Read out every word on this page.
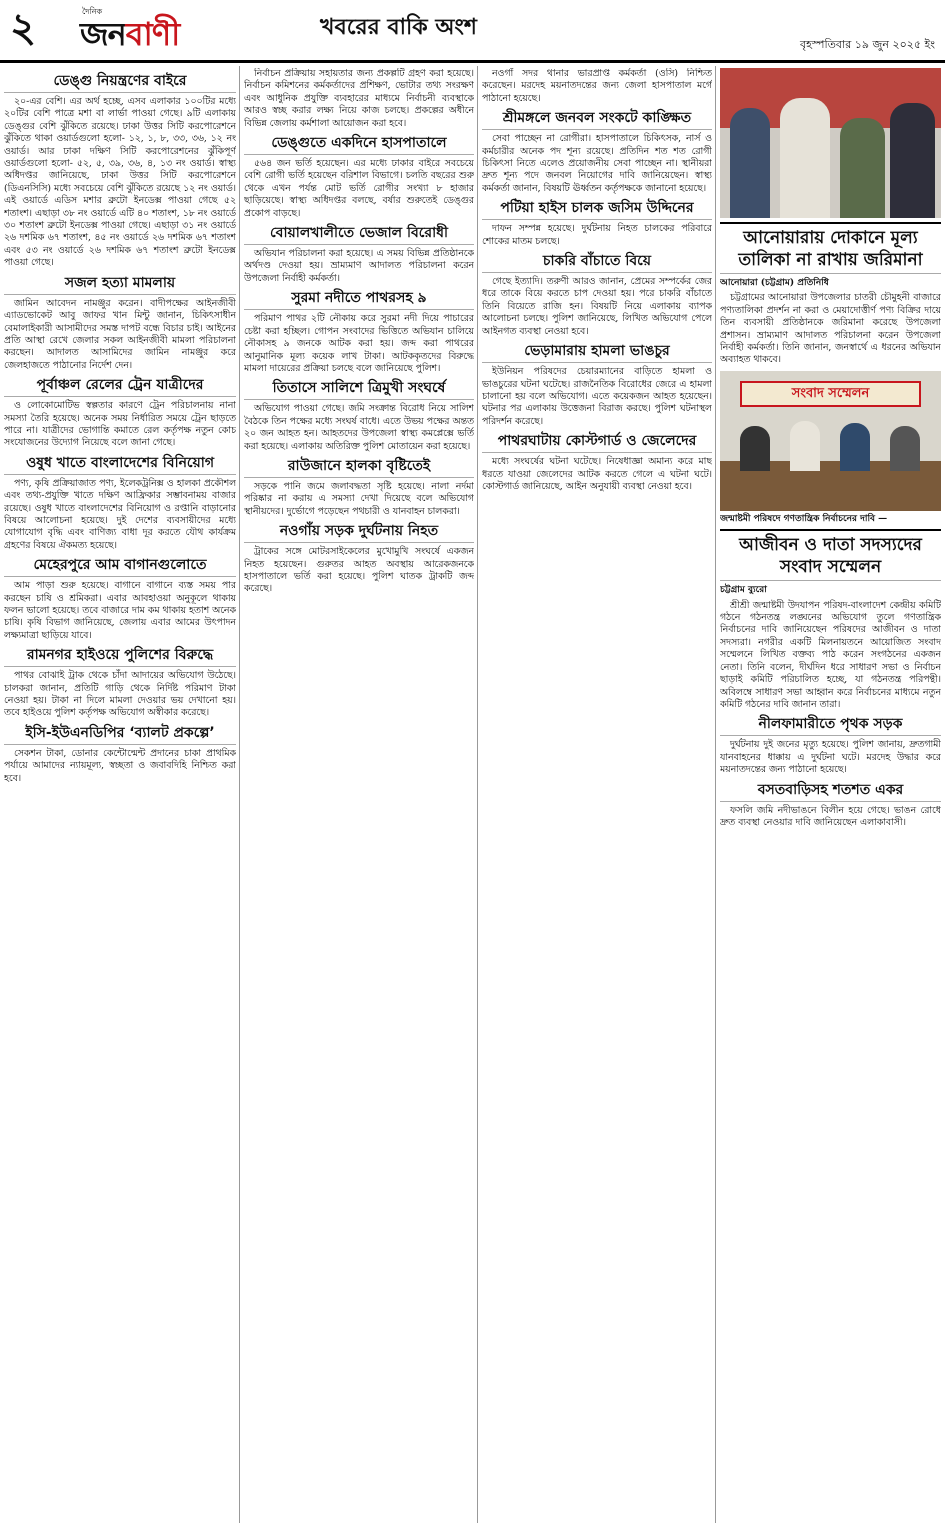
২	দৈনিক
জনবাণী	খবরের বাকি অংশ
বৃহস্পতিবার ১৯ জুন ২০২৫ ইং
ডেঙ্গু নিয়ন্ত্রণের বাইরে

২০-এর বেশি। এর অর্থ হচ্ছে, এসব এলাকার ১০০টির মধ্যে ২০টির বেশি পাত্রে মশা বা লার্ভা পাওয়া গেছে। ৯টি এলাকায় ডেঙ্গুর বেশি ঝুঁকিতে রয়েছে। ঢাকা উত্তর সিটি করপোরেশনে ঝুঁকিতে থাকা ওয়ার্ডগুলো হলো- ১২, ১, ৮, ৩৩, ৩৬, ১২ নং ওয়ার্ড। আর ঢাকা দক্ষিণ সিটি করপোরেশনের ঝুঁকিপূর্ণ ওয়ার্ডগুলো হলো- ৫২, ৫, ৩৯, ৩৬, ৪, ১৩ নং ওয়ার্ড। স্বাস্থ্য অধিদপ্তর জানিয়েছে, ঢাকা উত্তর সিটি করপোরেশনে (ডিএনসিসি) মধ্যে সবচেয়ে বেশি ঝুঁকিতে রয়েছে ১২ নং ওয়ার্ড। এই ওয়ার্ডে এডিস মশার ব্রুটো ইনডেক্স পাওয়া গেছে ৫২ শতাংশ। এছাড়া ৩৮ নং ওয়ার্ডে এটি ৪০ শতাংশ, ১৮ নং ওয়ার্ডে ৩০ শতাংশ ব্রুটো ইনডেক্স পাওয়া গেছে। এছাড়া ৩১ নং ওয়ার্ডে ২৬ দশমিক ৬৭ শতাংশ, ৪৫ নং ওয়ার্ডে ২৬ দশমিক ৬৭ শতাংশ এবং ৫৩ নং ওয়ার্ডে ২৬ দশমিক ৬৭ শতাংশ ব্রুটো ইনডেক্স পাওয়া গেছে।

সজল হত্যা মামলায়

জামিন আবেদন নামঞ্জুর করেন। বাদীপক্ষের আইনজীবী এ্যাডভোকেট আবু জাফর খান মিন্টু জানান, চিকিৎসাধীন বেমালাইকারী আসামীদের সমস্ত দাপট বন্ধে বিচার চাই। আইনের প্রতি আস্থা রেখে জেলার সকল আইনজীবী মামলা পরিচালনা করছেন। আদালত আসামিদের জামিন নামঞ্জুর করে জেলহাজতে পাঠানোর নির্দেশ দেন।

পূর্বাঞ্চল রেলের ট্রেন যাত্রীদের

ও লোকোমোটিভ স্বল্পতার কারণে ট্রেন পরিচালনায় নানা সমস্যা তৈরি হয়েছে। অনেক সময় নির্ধারিত সময়ে ট্রেন ছাড়তে পারে না। যাত্রীদের ভোগান্তি কমাতে রেল কর্তৃপক্ষ নতুন কোচ সংযোজনের উদ্যোগ নিয়েছে বলে জানা গেছে।

ওষুধ খাতে বাংলাদেশের বিনিয়োগ

পণ্য, কৃষি প্রক্রিয়াজাত পণ্য, ইলেকট্রনিক্স ও হালকা প্রকৌশল এবং তথ্য-প্রযুক্তি খাতে দক্ষিণ আফ্রিকার সম্ভাবনাময় বাজার রয়েছে। ওষুধ খাতে বাংলাদেশের বিনিয়োগ ও রপ্তানি বাড়ানোর বিষয়ে আলোচনা হয়েছে। দুই দেশের ব্যবসায়ীদের মধ্যে যোগাযোগ বৃদ্ধি এবং বাণিজ্য বাধা দূর করতে যৌথ কার্যক্রম গ্রহণের বিষয়ে ঐকমত্য হয়েছে।

মেহেরপুরে আম বাগানগুলোতে

আম পাড়া শুরু হয়েছে। বাগানে বাগানে ব্যস্ত সময় পার করছেন চাষি ও শ্রমিকরা। এবার আবহাওয়া অনুকূলে থাকায় ফলন ভালো হয়েছে। তবে বাজারে দাম কম থাকায় হতাশ অনেক চাষি। কৃষি বিভাগ জানিয়েছে, জেলায় এবার আমের উৎপাদন লক্ষ্যমাত্রা ছাড়িয়ে যাবে।

রামনগর হাইওয়ে পুলিশের বিরুদ্ধে

পাথর বোঝাই ট্রাক থেকে চাঁদা আদায়ের অভিযোগ উঠেছে। চালকরা জানান, প্রতিটি গাড়ি থেকে নির্দিষ্ট পরিমাণ টাকা নেওয়া হয়। টাকা না দিলে মামলা দেওয়ার ভয় দেখানো হয়। তবে হাইওয়ে পুলিশ কর্তৃপক্ষ অভিযোগ অস্বীকার করেছে।

ইসি-ইউএনডিপির ‘ব্যালট প্রকল্পে’

সেকশন টাকা, ডোনার কেন্টোন্মেন্ট প্রদানের চাকা প্রাথমিক পর্যায়ে আমাদের ন্যায়মূল্য, স্বচ্ছতা ও জবাবদিহি নিশ্চিত করা হবে।

নির্বাচন প্রক্রিয়ায় সহায়তার জন্য প্রকল্পটি গ্রহণ করা হয়েছে। নির্বাচন কমিশনের কর্মকর্তাদের প্রশিক্ষণ, ভোটার তথ্য সংরক্ষণ এবং আধুনিক প্রযুক্তি ব্যবহারের মাধ্যমে নির্বাচনী ব্যবস্থাকে আরও স্বচ্ছ করার লক্ষ্য নিয়ে কাজ চলছে। প্রকল্পের অধীনে বিভিন্ন জেলায় কর্মশালা আয়োজন করা হবে।

ডেঙ্গুতে একদিনে হাসপাতালে

৫৬৪ জন ভর্তি হয়েছেন। এর মধ্যে ঢাকার বাইরে সবচেয়ে বেশি রোগী ভর্তি হয়েছেন বরিশাল বিভাগে। চলতি বছরের শুরু থেকে এখন পর্যন্ত মোট ভর্তি রোগীর সংখ্যা ৮ হাজার ছাড়িয়েছে। স্বাস্থ্য অধিদপ্তর বলছে, বর্ষার শুরুতেই ডেঙ্গুর প্রকোপ বাড়ছে।

বোয়ালখালীতে ভেজাল বিরোধী

অভিযান পরিচালনা করা হয়েছে। এ সময় বিভিন্ন প্রতিষ্ঠানকে অর্থদণ্ড দেওয়া হয়। ভ্রাম্যমাণ আদালত পরিচালনা করেন উপজেলা নির্বাহী কর্মকর্তা।

সুরমা নদীতে পাথরসহ ৯

পরিমাণ পাথর ২টি নৌকায় করে সুরমা নদী দিয়ে পাচারের চেষ্টা করা হচ্ছিল। গোপন সংবাদের ভিত্তিতে অভিযান চালিয়ে নৌকাসহ ৯ জনকে আটক করা হয়। জব্দ করা পাথরের আনুমানিক মূল্য কয়েক লাখ টাকা। আটককৃতদের বিরুদ্ধে মামলা দায়েরের প্রক্রিয়া চলছে বলে জানিয়েছে পুলিশ।

তিতাসে সালিশে ত্রিমুখী সংঘর্ষে

অভিযোগ পাওয়া গেছে। জমি সংক্রান্ত বিরোধ নিয়ে সালিশ বৈঠকে তিন পক্ষের মধ্যে সংঘর্ষ বাধে। এতে উভয় পক্ষের অন্তত ২০ জন আহত হন। আহতদের উপজেলা স্বাস্থ্য কমপ্লেক্সে ভর্তি করা হয়েছে। এলাকায় অতিরিক্ত পুলিশ মোতায়েন করা হয়েছে।

রাউজানে হালকা বৃষ্টিতেই

সড়কে পানি জমে জলাবদ্ধতা সৃষ্টি হয়েছে। নালা নর্দমা পরিষ্কার না করায় এ সমস্যা দেখা দিয়েছে বলে অভিযোগ স্থানীয়দের। দুর্ভোগে পড়েছেন পথচারী ও যানবাহন চালকরা।

নওগাঁয় সড়ক দুর্ঘটনায় নিহত

ট্রাকের সঙ্গে মোটরসাইকেলের মুখোমুখি সংঘর্ষে একজন নিহত হয়েছেন। গুরুতর আহত অবস্থায় আরেকজনকে হাসপাতালে ভর্তি করা হয়েছে। পুলিশ ঘাতক ট্রাকটি জব্দ করেছে।

নওগাঁ সদর থানার ভারপ্রাপ্ত কর্মকর্তা (ওসি) নিশ্চিত করেছেন। মরদেহ ময়নাতদন্তের জন্য জেলা হাসপাতাল মর্গে পাঠানো হয়েছে।

শ্রীমঙ্গলে জনবল সংকটে কাঙ্ক্ষিত

সেবা পাচ্ছেন না রোগীরা। হাসপাতালে চিকিৎসক, নার্স ও কর্মচারীর অনেক পদ শূন্য রয়েছে। প্রতিদিন শত শত রোগী চিকিৎসা নিতে এলেও প্রয়োজনীয় সেবা পাচ্ছেন না। স্থানীয়রা দ্রুত শূন্য পদে জনবল নিয়োগের দাবি জানিয়েছেন। স্বাস্থ্য কর্মকর্তা জানান, বিষয়টি ঊর্ধ্বতন কর্তৃপক্ষকে জানানো হয়েছে।

পটিয়া হাইস চালক জসিম উদ্দিনের

দাফন সম্পন্ন হয়েছে। দুর্ঘটনায় নিহত চালকের পরিবারে শোকের মাতম চলছে।

চাকরি বাঁচাতে বিয়ে

গেছে ইত্যাদি। তরুণী আরও জানান, প্রেমের সম্পর্কের জের ধরে তাকে বিয়ে করতে চাপ দেওয়া হয়। পরে চাকরি বাঁচাতে তিনি বিয়েতে রাজি হন। বিষয়টি নিয়ে এলাকায় ব্যাপক আলোচনা চলছে। পুলিশ জানিয়েছে, লিখিত অভিযোগ পেলে আইনগত ব্যবস্থা নেওয়া হবে।

ভেড়ামারায় হামলা ভাঙচুর

ইউনিয়ন পরিষদের চেয়ারম্যানের বাড়িতে হামলা ও ভাঙচুরের ঘটনা ঘটেছে। রাজনৈতিক বিরোধের জেরে এ হামলা চালানো হয় বলে অভিযোগ। এতে কয়েকজন আহত হয়েছেন। ঘটনার পর এলাকায় উত্তেজনা বিরাজ করছে। পুলিশ ঘটনাস্থল পরিদর্শন করেছে।

পাথরঘাটায় কোস্টগার্ড ও জেলেদের

মধ্যে সংঘর্ষের ঘটনা ঘটেছে। নিষেধাজ্ঞা অমান্য করে মাছ ধরতে যাওয়া জেলেদের আটক করতে গেলে এ ঘটনা ঘটে। কোস্টগার্ড জানিয়েছে, আইন অনুযায়ী ব্যবস্থা নেওয়া হবে।

আনোয়ারায় দোকানে মূল্য তালিকা না রাখায় জরিমানা
আনোয়ারা (চট্টগ্রাম) প্রতিনিধি

চট্টগ্রামের আনোয়ারা উপজেলার চাতরী চৌমুহনী বাজারে পণ্যতালিকা প্রদর্শন না করা ও মেয়াদোত্তীর্ণ পণ্য বিক্রির দায়ে তিন ব্যবসায়ী প্রতিষ্ঠানকে জরিমানা করেছে উপজেলা প্রশাসন। ভ্রাম্যমাণ আদালত পরিচালনা করেন উপজেলা নির্বাহী কর্মকর্তা। তিনি জানান, জনস্বার্থে এ ধরনের অভিযান অব্যাহত থাকবে।

সংবাদ সম্মেলন
জন্মাষ্টমী পরিষদে গণতান্ত্রিক নির্বাচনের দাবি —
আজীবন ও দাতা সদস্যদের সংবাদ সম্মেলন
চট্টগ্রাম ব্যুরো

শ্রীশ্রী জন্মাষ্টমী উদযাপন পরিষদ-বাংলাদেশ কেন্দ্রীয় কমিটি গঠনে গঠনতন্ত্র লঙ্ঘনের অভিযোগ তুলে গণতান্ত্রিক নির্বাচনের দাবি জানিয়েছেন পরিষদের আজীবন ও দাতা সদস্যরা। নগরীর একটি মিলনায়তনে আয়োজিত সংবাদ সম্মেলনে লিখিত বক্তব্য পাঠ করেন সংগঠনের একজন নেতা। তিনি বলেন, দীর্ঘদিন ধরে সাধারণ সভা ও নির্বাচন ছাড়াই কমিটি পরিচালিত হচ্ছে, যা গঠনতন্ত্র পরিপন্থী। অবিলম্বে সাধারণ সভা আহ্বান করে নির্বাচনের মাধ্যমে নতুন কমিটি গঠনের দাবি জানান তারা।

নীলফামারীতে পৃথক সড়ক

দুর্ঘটনায় দুই জনের মৃত্যু হয়েছে। পুলিশ জানায়, দ্রুতগামী যানবাহনের ধাক্কায় এ দুর্ঘটনা ঘটে। মরদেহ উদ্ধার করে ময়নাতদন্তের জন্য পাঠানো হয়েছে।

বসতবাড়িসহ শতশত একর

ফসলি জমি নদীভাঙনে বিলীন হয়ে গেছে। ভাঙন রোধে দ্রুত ব্যবস্থা নেওয়ার দাবি জানিয়েছেন এলাকাবাসী।
